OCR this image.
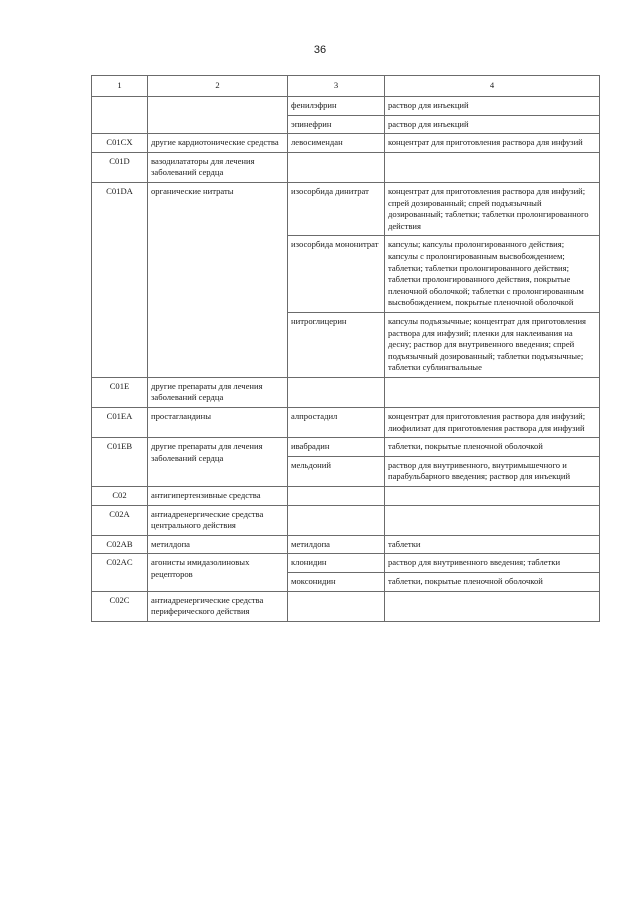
36
1	2	3	4
		фенилэфрин	раствор для инъекций
		эпинефрин	раствор для инъекций
C01CX	другие кардиотонические средства	левосимендан	концентрат для приготовления раствора для инфузий
C01D	вазодилататоры для лечения заболеваний сердца		
C01DA	органические нитраты	изосорбида динитрат	концентрат для приготовления раствора для инфузий; спрей дозированный; спрей подъязычный дозированный; таблетки; таблетки пролонгированного действия
		изосорбида мононитрат	капсулы; капсулы пролонгированного действия; капсулы с пролонгированным высвобождением; таблетки; таблетки пролонгированного действия; таблетки пролонгированного действия, покрытые пленочной оболочкой; таблетки с пролонгированным высвобождением, покрытые пленочной оболочкой
		нитроглицерин	капсулы подъязычные; концентрат для приготовления раствора для инфузий; пленки для наклеивания на десну; раствор для внутривенного введения; спрей подъязычный дозированный; таблетки подъязычные; таблетки сублингвальные
C01E	другие препараты для лечения заболеваний сердца		
C01EA	простагландины	алпростадил	концентрат для приготовления раствора для инфузий; лиофилизат для приготовления раствора для инфузий
C01EB	другие препараты для лечения заболеваний сердца	ивабрадин	таблетки, покрытые пленочной оболочкой
		мельдоний	раствор для внутривенного, внутримышечного и парабульбарного введения; раствор для инъекций
C02	антигипертензивные средства		
C02A	антиадренергические средства центрального действия		
C02AB	метилдопа	метилдопа	таблетки
C02AC	агонисты имидазолиновых рецепторов	клонидин	раствор для внутривенного введения; таблетки
		моксонидин	таблетки, покрытые пленочной оболочкой
C02C	антиадренергические средства периферического действия		
